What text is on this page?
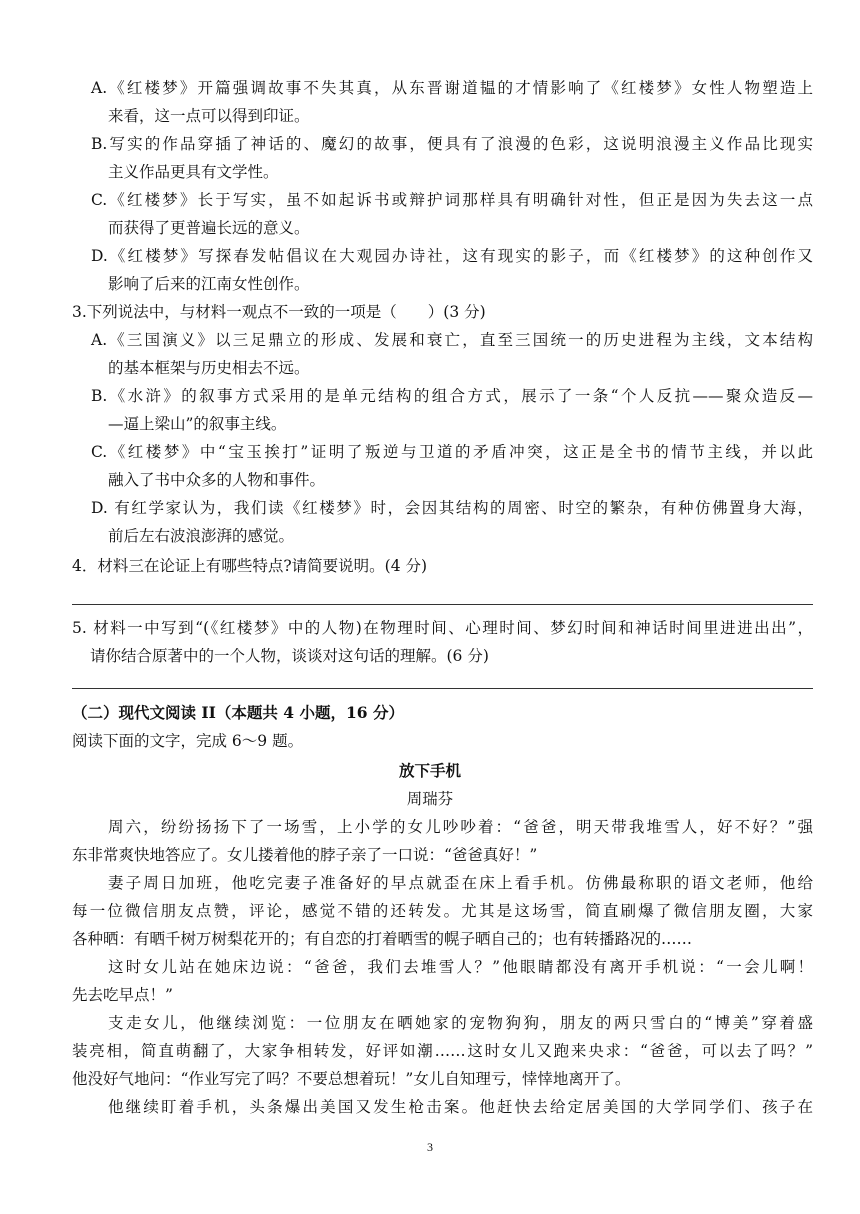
A.《红楼梦》开篇强调故事不失其真，从东晋谢道韫的才情影响了《红楼梦》女性人物塑造上
来看，这一点可以得到印证。
B.写实的作品穿插了神话的、魔幻的故事，便具有了浪漫的色彩，这说明浪漫主义作品比现实
主义作品更具有文学性。
C.《红楼梦》长于写实，虽不如起诉书或辩护词那样具有明确针对性，但正是因为失去这一点
而获得了更普遍长远的意义。
D.《红楼梦》写探春发帖倡议在大观园办诗社，这有现实的影子，而《红楼梦》的这种创作又
影响了后来的江南女性创作。
3.下列说法中，与材料一观点不一致的一项是（　　）(3 分)
A.《三国演义》以三足鼎立的形成、发展和衰亡，直至三国统一的历史进程为主线，文本结构
的基本框架与历史相去不远。
B.《水浒》的叙事方式采用的是单元结构的组合方式，展示了一条“个人反抗——聚众造反—
—逼上梁山”的叙事主线。
C.《红楼梦》中“宝玉挨打”证明了叛逆与卫道的矛盾冲突，这正是全书的情节主线，并以此
融入了书中众多的人物和事件。
D. 有红学家认为，我们读《红楼梦》时，会因其结构的周密、时空的繁杂，有种仿佛置身大海，
前后左右波浪澎湃的感觉。
4．材料三在论证上有哪些特点?请简要说明。(4 分)
5. 材料一中写到“(《红楼梦》中的人物)在物理时间、心理时间、梦幻时间和神话时间里进进出出”，
请你结合原著中的一个人物，谈谈对这句话的理解。(6 分)
（二）现代文阅读 II（本题共 4 小题，16 分）
阅读下面的文字，完成 6～9 题。
放下手机
周瑞芬
周六，纷纷扬扬下了一场雪，上小学的女儿吵吵着：“爸爸，明天带我堆雪人，好不好？”强
东非常爽快地答应了。女儿搂着他的脖子亲了一口说：“爸爸真好！”
妻子周日加班，他吃完妻子准备好的早点就歪在床上看手机。仿佛最称职的语文老师，他给
每一位微信朋友点赞，评论，感觉不错的还转发。尤其是这场雪，简直刷爆了微信朋友圈，大家
各种晒：有晒千树万树梨花开的；有自恋的打着晒雪的幌子晒自己的；也有转播路况的……
这时女儿站在她床边说：“爸爸，我们去堆雪人？”他眼睛都没有离开手机说：“一会儿啊！
先去吃早点！”
支走女儿，他继续浏览：一位朋友在晒她家的宠物狗狗，朋友的两只雪白的“博美”穿着盛
装亮相，简直萌翻了，大家争相转发，好评如潮……这时女儿又跑来央求：“爸爸，可以去了吗？”
他没好气地问：“作业写完了吗？不要总想着玩！”女儿自知理亏，悻悻地离开了。
他继续盯着手机，头条爆出美国又发生枪击案。他赶快去给定居美国的大学同学们、孩子在
3
